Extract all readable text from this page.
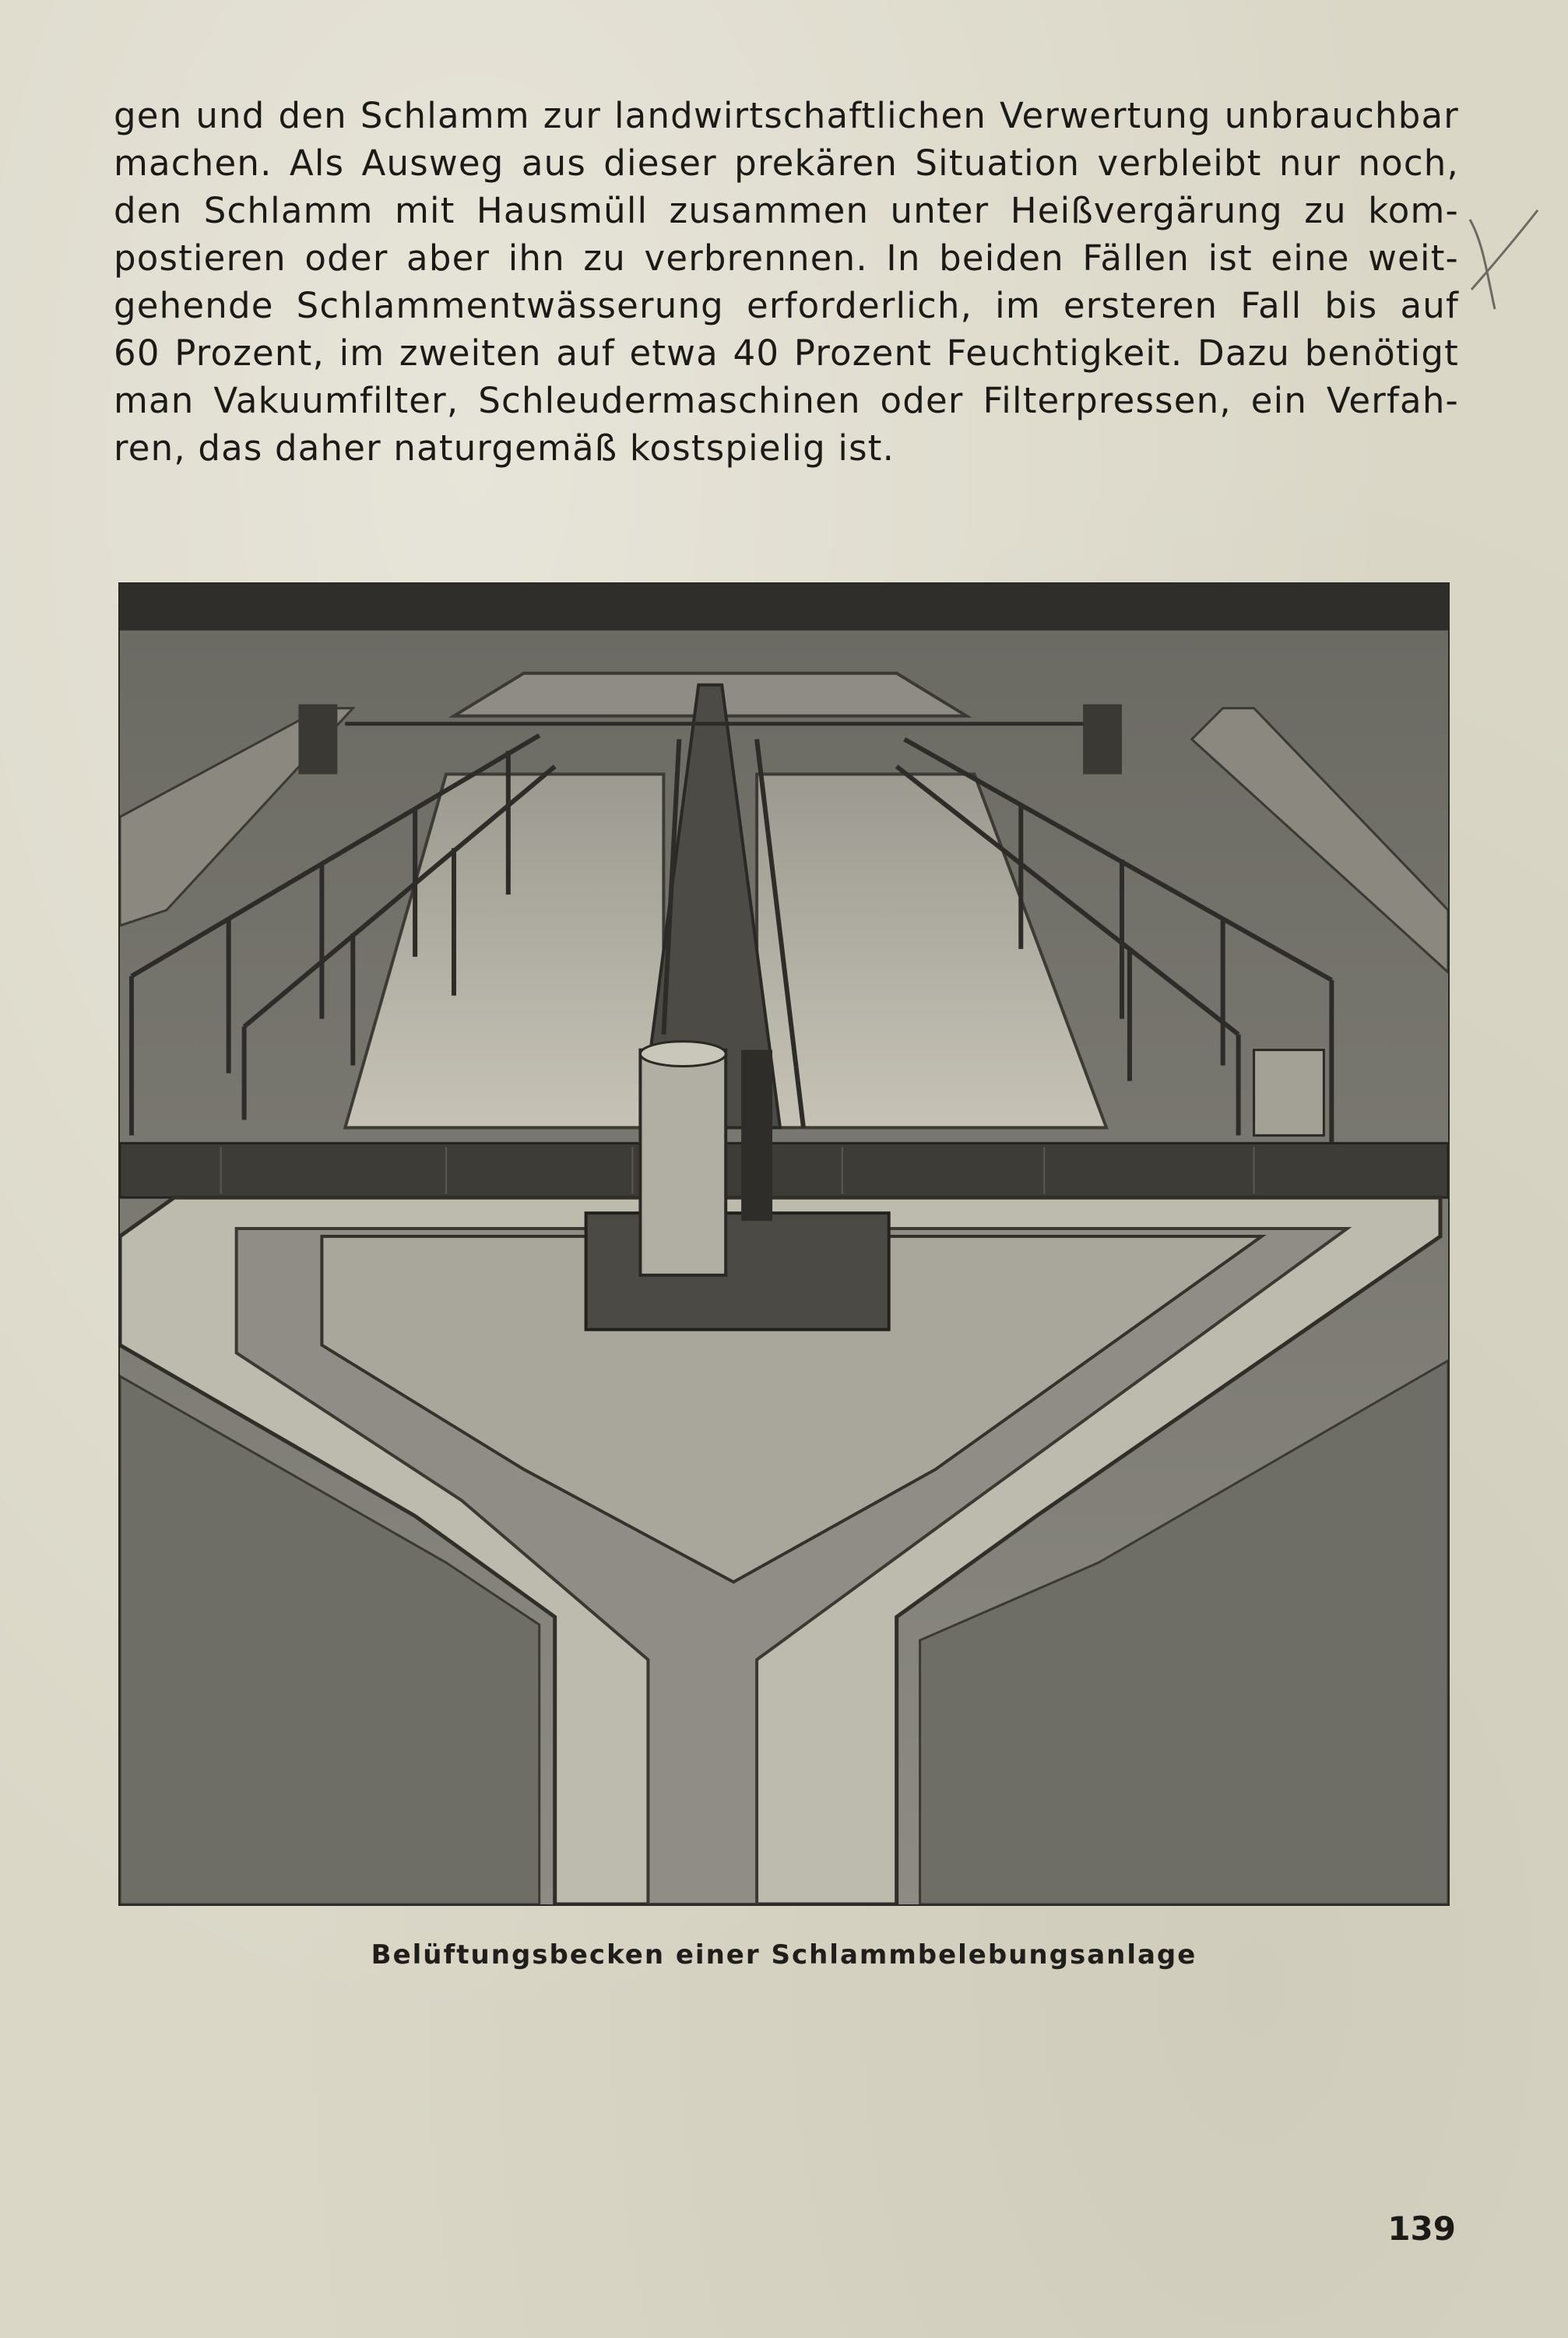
gen und den Schlamm zur landwirtschaftlichen Verwertung unbrauchbar
machen. Als Ausweg aus dieser prekären Situation verbleibt nur noch,
den Schlamm mit Hausmüll zusammen unter Heißvergärung zu kom-
postieren oder aber ihn zu verbrennen. In beiden Fällen ist eine weit-
gehende Schlammentwässerung erforderlich, im ersteren Fall bis auf
60 Prozent, im zweiten auf etwa 40 Prozent Feuchtigkeit. Dazu benötigt
man Vakuumfilter, Schleudermaschinen oder Filterpressen, ein Verfah-
ren, das daher naturgemäß kostspielig ist.
Belüftungsbecken einer Schlammbelebungsanlage
139
